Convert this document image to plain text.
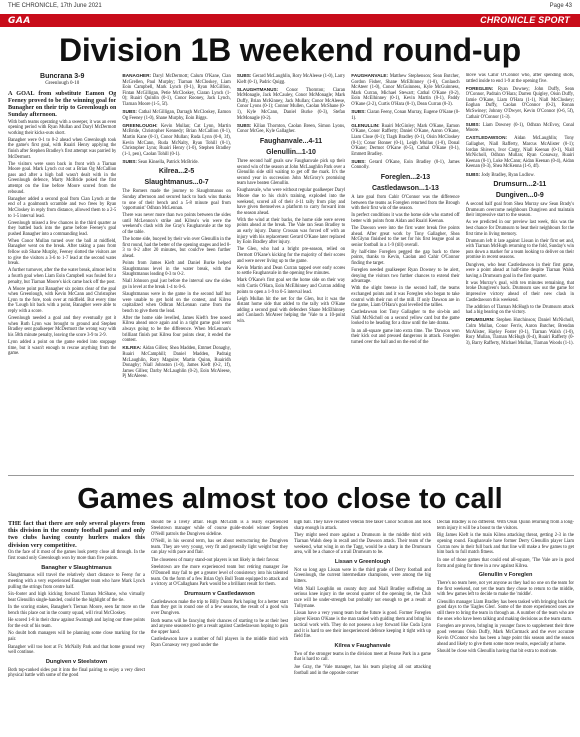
THE CHRONICLE, 17th June 2021	Page 43
GAA	CHRONICLE SPORT
Division 1B weekend round-up
Buncrana 3-9
Greenlough 0-10

A GOAL from substitute Eamon Og Feeney proved to be the winning goal for Bunagher on their trip to Greenlough on Sunday afternoon.

With both teams operating with a sweeper, it was an even opening period with Ryan Mullan and Daryl McDermott working their kicks-outs short.

Banagher were 0-1 to 0-2 ahead when Greenlough took the game's first goal, with Ruairi Henry applying the finish after Stephen Bradley's first attempt was parried by McDermott.

The visitors were soon back in front with a Tiarnan Moore goal. Mark Lynch cut out a Brian Og McCallion pass and after a high ball wasn't dealt with in the Greenlough defence, Marty McBride poked the first attempt on the line before Moore scored from the rebound.

Banagher added a second goal from Cian Lynch at the end of a goalmouth scramble and two frees by Ryan McCloskey in reply from distance, allowed them to a 2-5 to 1-5 interval lead.

Greenlough missed a few chances in the third quarter as they battled back into the game before Feeney's goal pushed Banagher into a commanding lead.

When Conor Mullan turned over the ball at midfield, Banagher went on the break. After taking a pass from fellow sub Shane Murphy, Feeney slotted the visitors are to give the visitors a 3-6 to 1-7 lead at the second water break.

A further turnover, after the the water break, almost led to a fourth goal when Liam Eoin Campbell was fouled for a penalty, but Tiarnan Moore's kick came back off the post.

A Moore point put Banagher six points clear of the goal when Greenlough, with Kevin McCann and Christopher Lynn to the fore, took over at midfield. But every time the 'Lough hit back with a point, Banagher were able to reply with a score.

Greenlough needed a goal and they eventually got it when Ruth Lynn was brought to ground and Stephen Bradley sent goalkeeper McDermott the wrong way with his 58th minute penalty, leaving the score 3-9 to 2-9.

Lynn added a point on the game ended into stoppage time, but it wasn't enough to rescue anything from the game.

BANAGHER: Daryl McDermott; Calum O'Kane, Cian McGrellen, Paul Murphy; Tiarnan McCloskey, Liam Eoin Campbell, Mark Lynch (0-1), Ryan McGillion, Fintan McGilligan, Petie McCloskey, Ciaran Lynch (1-0); Ruairi Quinlin (0-1), Conor Rooney, Jack Lynch, Tiarnan Moore (1-5, 5f).

SUBS: Cathal McGilligan, Darragh McCloskey, Eamon Og Feeney (1-0), Shane Murphy, Eoin Biggs.

GREENLOUGH: Kevin Mullan; Cat Lynn, Martin McBride, Christopher Kennedy; Brian McCallion (0-1), Martin Kane (0-1), Conor Mullan; Ruda Lynn (0-8, 3f), Kevin McCann, Ruda McNalty, Ryan Tohill (0-1), Christopher Lynn; Ruairi Henry (1-0), Stephen Bradley (1-1, pen), Caolan Tohill (0-1).

SUBS: Sean Kinsella, Patrick McBride.

Kilrea...2-5
Slaughtmanus...0-7

The Romers made the journey to Slaughtmanus on Sunday afternoon and secured back to back wins thanks to one of their bench and a 5-8 minute goal from 'opportunist' Odhran McLennan.

There was never more than two points between the sides until McLennon's strike and Kilrea's win were the weekend's clash with Joe Gray's Faughanvale at the top of the table.

The home side, buoyed by their win over Glenullin in the first round, had the better of the opening stages and led 0-3 to 0-2 after 20 minutes, but could've been further ahead.

Points from James Kieft and Daniel Burke helped Slaughtmanus level in the water break, with the Slaughtmanus leading 0-3 to 0-2.

Niall Johnson goal just before the interval saw the sides go in level at the break 1-4 to 0-6.

Slaughtmanus were in the game in the second half but were unable to get hold on the contest, and Kilrea capitalized when Odhran McLennan came from the bench to give them the lead.

After the home side levelled, James Kieft's free nosed Kilrea ahead once again and in a tight game goal went always going to be the difference. When McLennan's brilliant finish put Kilrea four points clear, it ended the contest.

KILREA: Aidan Gillen; Shea Madden, Emmet Donaghy, Ruairi McCamphill; Daniel Madden, Padraig McLaughlin, Rory Maguire; Martin Quinn, Ruairidh Donaghy; Niall Johnston (1-0), James Kieft (0-2, 1f), James Gillen; Darby McLaughlin (0-2), Eoin McAleese, Pj McAleese.

SUBS: Gerard McLaughlin, Rory McAleese (1-0), Larry Kieft (0-1), Padric Quigg.

SLAUGHTMANUS: Conor Thornton; Ciaran McMonagle, Jack McCauley, Conor McMonagle; Mark Duffy, Brian McKinney, Jack Mullan; Conor McAleese, Conor Lyons (0-1); Connor Mullen, Caolan McShane (0-1), Kyle McCann, Daniel Burke (0-3), Stefan McMonagle (0-2).

SUBS: Kilian Thornton, Caolan Breen, Simon Lyons, Conor McGee, Kyle Gallagher.

Faughanvale...4-11
Glenullin...1-10

Three second half goals saw Faughanvale pick up their second win of the season at John McLaughlin Park over a Glenullin side still waiting to get off the mark. It's the second year in succession John McGrory's promising team have beaten Glenullin.

Faughanvale, who were without regular goalkeeper Daryl Moore due to his club's training, exploded into the weekend, scored all of their 4-11 tally from play and have given themselves a platform to carry forward into the season ahead.

With the wind at their backs, the home side were seven points ahead at the break. The Vale ran Sean Bradley to an early injury. Danny Crossan was forced off with an injury with his replacement Gerard O'Kane later replaced by Eoin Bradley after injury.

The Glen, who had a bright pre-season, relied on Dermott O'Kane's kicking for the majority of their scores and were never living up to the game.

Kevin Martin and Dean Curran tapped over early scores to settle Faughanvale in the opening few minutes.

Mark O'Kane's first goal set the home side on their way with Curtis O'Hara, Eoin McElhinney and Curran adding points to open a 1-9 to 0-5 interval lead.

Leigh Mullan hit the net for the Glen, but it was the distant home side that added to the tally with O'Kane adding a second goal with defenders Shane McElhinney and Conlaoch McAteer helping the 'Vale to a 10-point win.

FAUGHANVALE: Matthew Stephenson; Sean Butcher, Gordon Fisher, Shane McElhinney (1-0), Conlaoch McAteer (1-0), Conor McGuinness, Kyle McGuinness, Mark Curran, Michael Stewart; Cathal O'Kane (0-2), Eoin McElhinney (0-1), Kevin Martin (0-1), Paddy O'Kane (2-2), Curtis O'Hara (0-1), Dean Curran (0-3).

SUBS: Ciaran Feeny, Conan Murray, Eugene O'Kane (0-1).

GLENULLIN: Ruairi McGinley; Mark O'Kane, Eamon O'Kane, Conor Rafferty; Daniel O'Kane, Aaron O'Kane, Liam Close (0-1); Tiagh Bradley (0-1), Oisin McCloskey (0-1); Conor Bonner (0-1), Leigh Mullan (1-0), Donal O'Kane; Dermot O'Kane (0-5), Cathal O'Kane (0-1), Emmett Bradley.

SUBS: Gerard O'Kane, Eoin Bradley (0-1), James Connolly.

Foreglen...2-13
Castledawson...1-13

A late goal from Cahir O'Connor was the difference between the teams as Foreglen returned from the Brough with their first win of the season.

In perfect conditions it was the home side who started off better with points from Aidan and Ruairi Keenan.

The Dawson were into the first water break five points ahead. After great work by Tony Gallagher, Shea McGlynn finished to the net for his first league goal as senior football in a 1-9 (till) overall.

By half-time Foreglen pegged the gap back to three points, thanks to Kevin, Caolan and Cahir O'Connor finding the target.

Foreglen needed goalkeeper Ryan Downey to be alert, denying the visitors two further chances to extend their advantage.

With the slight breeze in the second half, the teams exchanged points and it was Foreglen who began to take control with their run of the mill. If only Dawson are in the game, Liam O'Hara's goal levelled the tallies.

Castledawson lost Tony Gallagher to the sin-bin and Niall McNicholl on a second yellow card but the game looked to be heading for a draw until the late drama.

In an all-square game into extra time. The 'Dawson won their kick out and pressed dangerous in attack. Foreglen turned over the ball and on the end of the

move was Cahir O'Connor who, after spending shots, rattled inside to end 1-9 at the opening five.

FOREGLEN: Ryan Downey; John Duffy, Sean O'Connor, Padrain O'Hara; Darren Quigley, Oisin Duffy, Jamie O'Kane, Liam O'Hara (1-1), Niall McCloskey; Eoghan Duffy, Caolan O'Connor (0-2), Ronan McSwiney; Johnny O'Dwyer, Kevin O'Connor (0-6, 5f), Cathair O'Connor (1-3).

SUBS: Liam Downey (0-1), Odhran McEvoy, Conal Moore.

CASTLEDAWSON: Aidan McLaughlin; Tony Gallagher, Niall Rafferty, Marcus McAlister (0-1); Jordan Shivers, Ivor Cargy, Niall Keenan (0-1), Niall McNicholl, Odhran Mullan; Ryan Conaway, Ruairi Keenan (0-1), Luke McCann; Aidan Keenan (0-4), Aidan Keenan (0-3), Shea McKenna (1-6, 4f).

SUBS: Jody Bradley, Ryan Ludlow.

Drumsurn...2-11
Dungiven...0-9

A second half goal from Shea Murray saw Sean Brady's Drumsurn overcome neighbours Dungiven and maintain their impressive start to the season.

As we predicted in our preview last week, this was the best chance for Drumsurn to beat their neighbours for the first time in living memory.

Drumsurn left it late against Lissan in their first set and, with Tiarnan McHugh returning to the fold, Sunday's win puts down a marker for a team looking to deliver on their promise in recent seasons.

Dungiven, who beat Castledawson in their first game, were a point ahead at half-time despite Tiarnan Walsh having a Drumsurn goal in the first quarter.

It was Murray's goal, with ten minutes remaining, that broke Dungiven's back. Drumsurn saw out the game for impressive victory ahead of their new clash in Castledawson this weekend.

The addition of Tiarnan McHugh to the Drumsurn attack had a big bearing on the victory.

DRUMSURN: Stephen Hutchinson; Daniel McNicholl, Colm Mullan, Conor Ferris, Aaron Butcher, Brendan McAlister, Hayley Foster (0-1), Tiarnan Walsh (1-0), Rory Mullan, Tiarnan McHugh (0-4), Ruairi Rafferty (0-3), Barry Rafferty, Michael Mullan, Tiarnan Woods (1-1).

Games almost too close to call

THE fact that there are only several players from this division in the county football panel and only two clubs having county hurlers makes this division very competitive.

On the face of it most of the games look pretty close all through. In the first round only Greenlough won by more than five points.

Banagher v Slaughtmanus

Slaughtmanus will travel the relatively short distance to Feeny for a meeting with a very experienced Banagher team who have Mark Lynch pulling the strings from centre half.

Six-footer and high kicking forward Tiarnan McShane, who virtually beat Glenullin single-handed, could be the highlight of the tie.

In the scoring stakes, Banagher's Tiernan Moore, seen far more on the bench this place out in the county squad, will rival McCloskey.

He scored 1-8 in their draw against Swatragh and laying our three points for the exit of his team.

No doubt both managers will be planning some close marking for the pair.

Banagher will too host at Fr. McNally Park and that home ground very well continue.

Dungiven v Steelstown

Both top-ranked sides put it into the final pairing to enjoy a very direct physical battle with some of the good

should be a lively affair. Hugh McGrath is a really experienced Steelstown manager while of course guide-model winner Stephen O'Neill patrols the Dungiven sideline.

O'Neill, in his second term, has set about restructuring the Dungiven team. They are very young, very fit and generally light weight but they can play with pace and flair.

The closeness of many stand-out players is not likely in their favour.

Steelstown are the more experienced team but retiring manager Joe O'Donnell may fail to get a greater level of consistency into his talented team. On the form of a few Brian Og's Bull Team equipped to attack and a victory at O'Callaghans Park would be a brilliant result for them.

Drumsurn v Castledawson

Castledawson make the trip to Billy Duntn Park hoping for a better start than they got in round one of a few seasons, the result of a good win over Dungiven.

Both teams will be fancying their chances of starting to be at their best and anyone seasoned to get a result against Castledawson hoping to gain the upper hand.

Castledawson have a number of full players in the middle third with Ryan Conaway very good under the

high ball. They have recalled veteran free taker Conor Scullion and look sharp enough in attack.

They might need more against a Drumsurn in the middle third with Tiarnan Walsh deep in recall and the Dawson attack. Their team of the weekend, what wing in on the Tagg, would be a sharp in the Drumsurn area, will be a chance of a trail Drumsurn to be.

Lissan v Greenlough

Not so long ago Lissan were in the third grade of Derry football and Greenlough, the current intermediate champions, were among the big hitters.

With Niall Loughlin on county duty and Niall Bradley suffering an serious knee injury in the second quarter of the opening tie, the Club race will be under-strength but probably not enough to get a result at Tullymane.

Lissan have a very young team but the future is good. Former Foreglen player Kieran O'Kane is the man tasked with guiding them and bring his tactical work with. They do not possess a key forward like Cuda Lynn and it is hard to see their inexperienced defence keeping it tight with up field fire.

Kilrea v Faughanvale

Two of the stronger teams in the division meet at Pearse Park in a game that is hard to call.

Joe Gray, the 'Vale manager, has his team playing all out attacking football and in the opposite corner

Declan Bradley is no different. With Oisin Quinn returning from a long-term injury it will be a boost to the visitors.

Big James Kieft is the main Kilrea attacking threat, getting 2-3 in the opening round. Faughanvale have former Derry Glenullin player Liam Curran now in their full back and that line will make a few games to get him back to full match fitness.

In one of those games that could end all-square, 'The Vale are in good form and going for three in a row against Kilrea.

Glenullin v Foreglen

There's no team here, not yet anyone as they had no one on the team for the first weekend, not yet the team they chose to return to the middle, with few games left to decide to make the 'middle'.

Glenullin manager Liam Bradley has been tasked with bringing back the good days to the 'Eagles Glen'. Some of the more experienced ones are still there to bring the team in through an. A number of the team who are the ones who have been talking and making decisions as the team starts.

Foreglen are proven, bringing in younger faces to supplement their three good veterans Oisin Duffy, Mark McCormack and the ever accurate Kevin O'Connor who has been a huge point this season and the season ahead and likely to give them some more results, especially at home.

Should be close with Glenullin having that bit extra to motivate.
